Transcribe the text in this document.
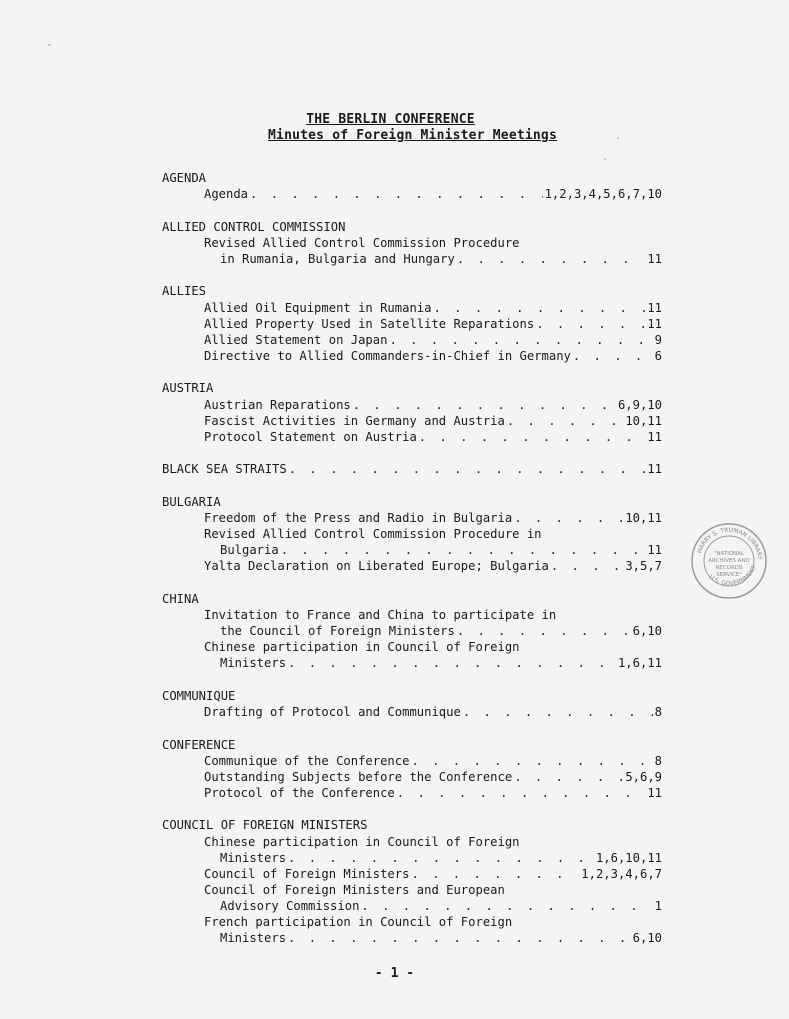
THE BERLIN CONFERENCE
Minutes of Foreign Minister Meetings
AGENDA
Agenda . . .	1,2,3,4,5,6,7,10
ALLIED CONTROL COMMISSION
Revised Allied Control Commission Procedure
in Rumania, Bulgaria and Hungary . . .	11
ALLIES
Allied Oil Equipment in Rumania . . .	11
Allied Property Used in Satellite Reparations . . .	11
Allied Statement on Japan . . .	9
Directive to Allied Commanders-in-Chief in Germany . . .	6
AUSTRIA
Austrian Reparations . . .	6,9,10
Fascist Activities in Germany and Austria . . .	10,11
Protocol Statement on Austria . . .	11
BLACK SEA STRAITS . . .	11
BULGARIA
Freedom of the Press and Radio in Bulgaria . . .	10,11
Revised Allied Control Commission Procedure in
Bulgaria . . .	11
Yalta Declaration on Liberated Europe; Bulgaria . . .	3,5,7
CHINA
Invitation to France and China to participate in
the Council of Foreign Ministers . . .	6,10
Chinese participation in Council of Foreign
Ministers . . .	1,6,11
COMMUNIQUE
Drafting of Protocol and Communique . . .	8
CONFERENCE
Communique of the Conference . . .	8
Outstanding Subjects before the Conference . . .	5,6,9
Protocol of the Conference . . .	11
COUNCIL OF FOREIGN MINISTERS
Chinese participation in Council of Foreign
Ministers . . .	1,6,10,11
Council of Foreign Ministers . . .	1,2,3,4,6,7
Council of Foreign Ministers and European
Advisory Commission . . .	1
French participation in Council of Foreign
Ministers . . .	6,10
"NATIONAL
ARCHIVES AND
RECORDS
SERVICE"
HARRY S. TRUMAN LIBRARY
U.S. GOVERNMENT
- 1 -
